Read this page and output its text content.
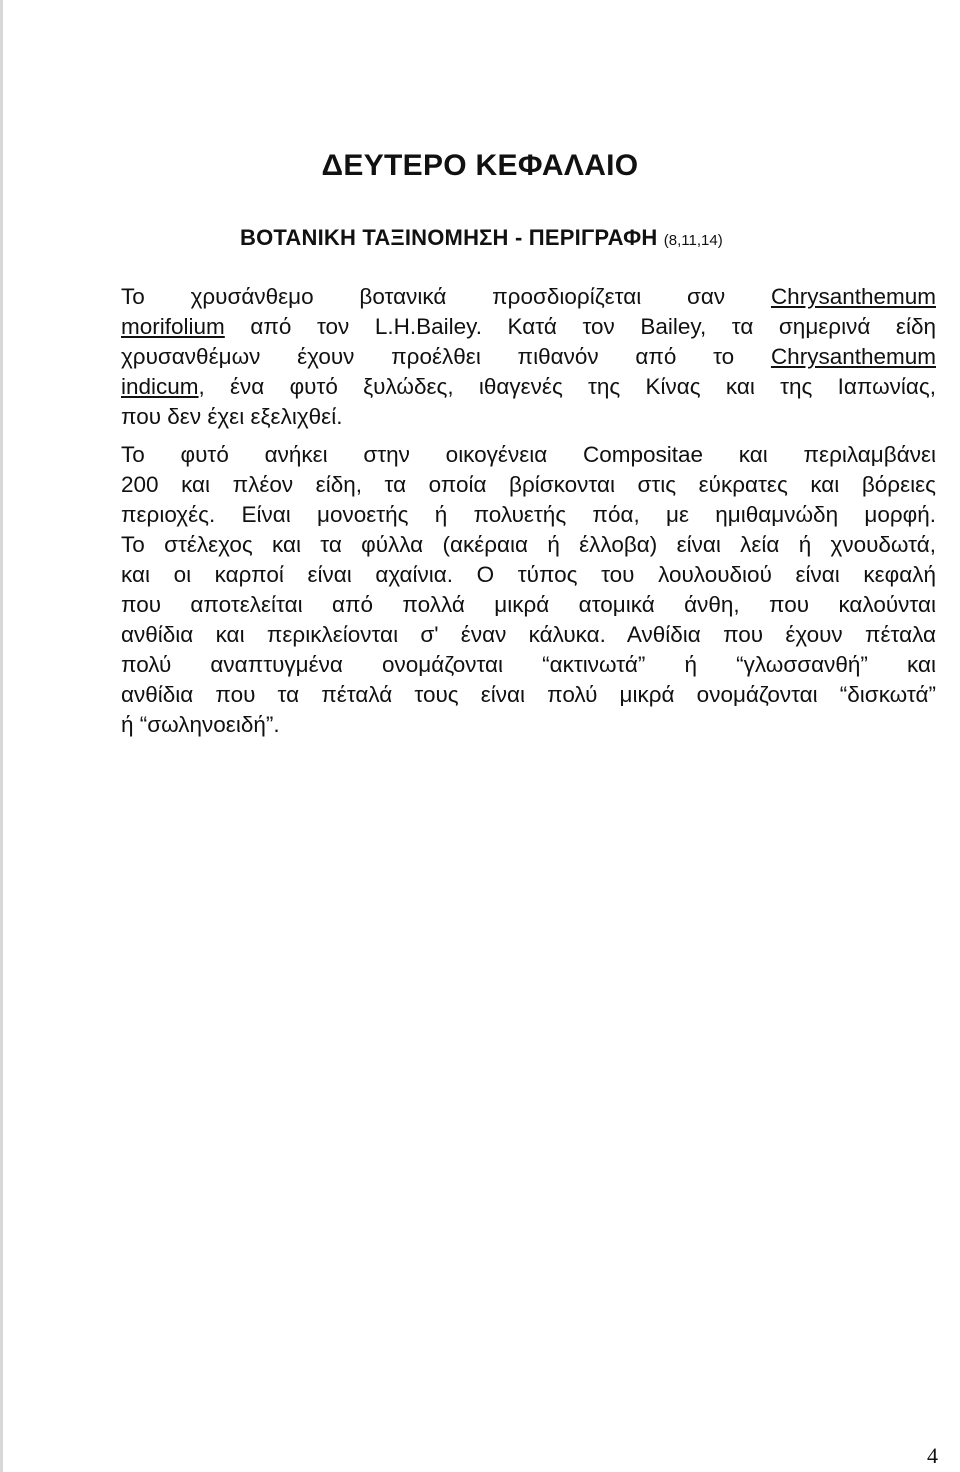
ΔΕΥΤΕΡΟ ΚΕΦΑΛΑΙΟ
ΒΟΤΑΝΙΚΗ ΤΑΞΙΝΟΜΗΣΗ - ΠΕΡΙΓΡΑΦΗ (8,11,14)

Το χρυσάνθεμο βοτανικά προσδιορίζεται σαν Chrysanthemum
morifolium από τον L.H.Bailey. Κατά τον Bailey, τα σημερινά είδη
χρυσανθέμων έχουν προέλθει πιθανόν από το Chrysanthemum
indicum, ένα φυτό ξυλώδες, ιθαγενές της Κίνας και της Ιαπωνίας,
που δεν έχει εξελιχθεί.

Το φυτό ανήκει στην οικογένεια Compositae και περιλαμβάνει
200 και πλέον είδη, τα οποία βρίσκονται στις εύκρατες και βόρειες
περιοχές. Είναι μονοετής ή πολυετής πόα, με ημιθαμνώδη μορφή.
Το στέλεχος και τα φύλλα (ακέραια ή έλλοβα) είναι λεία ή χνουδωτά,
και οι καρποί είναι αχαίνια. Ο τύπος του λουλουδιού είναι κεφαλή
που αποτελείται από πολλά μικρά ατομικά άνθη, που καλούνται
ανθίδια και περικλείονται σ' έναν κάλυκα. Ανθίδια που έχουν πέταλα
πολύ αναπτυγμένα ονομάζονται “ακτινωτά” ή “γλωσσανθή” και
ανθίδια που τα πέταλά τους είναι πολύ μικρά ονομάζονται “δισκωτά”
ή “σωληνοειδή”.

4
